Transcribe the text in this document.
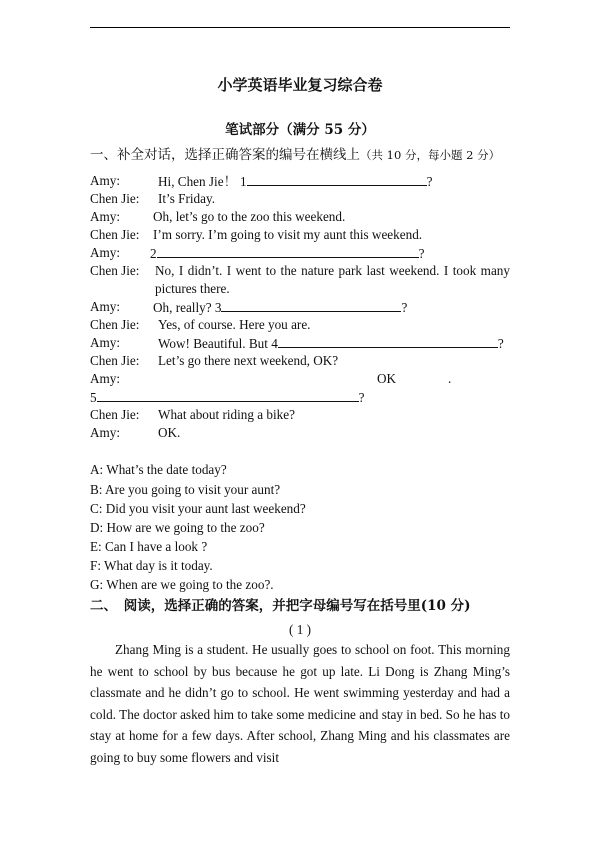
小学英语毕业复习综合卷
笔试部分（满分 55 分）
一、补全对话，选择正确答案的编号在横线上（共 10 分，每小题 2 分）
Amy:	Hi, Chen Jie！ 1	?
Chen Jie: It’s Friday.
Amy: Oh, let’s go to the zoo this weekend.
Chen Jie: I’m sorry. I’m going to visit my aunt this weekend.
Amy: 2	?
Chen Jie: No, I didn’t. I went to the nature park last weekend. I took many pictures there.
Amy: Oh, really? 3	?
Chen Jie: Yes, of course. Here you are.
Amy:	Wow! Beautiful. But 4	?
Chen Jie: Let’s go there next weekend, OK?
Amy:	OK	.
5	?
Chen Jie: What about riding a bike?
Amy:	OK.
A: What’s the date today?
B: Are you going to visit your aunt?
C: Did you visit your aunt last weekend?
D: How are we going to the zoo?
E: Can I have a look ?
F: What day is it today.
G: When are we going to the zoo?.
二、　阅读，选择正确的答案，并把字母编号写在括号里(10 分)
( 1 )
Zhang Ming is a student. He usually goes to school on foot. This morning he went to school by bus because he got up late. Li Dong is Zhang Ming’s classmate and he didn’t go to school. He went swimming yesterday and had a cold. The doctor asked him to take some medicine and stay in bed. So he has to stay at home for a few days. After school, Zhang Ming and his classmates are going to buy some flowers and visit
